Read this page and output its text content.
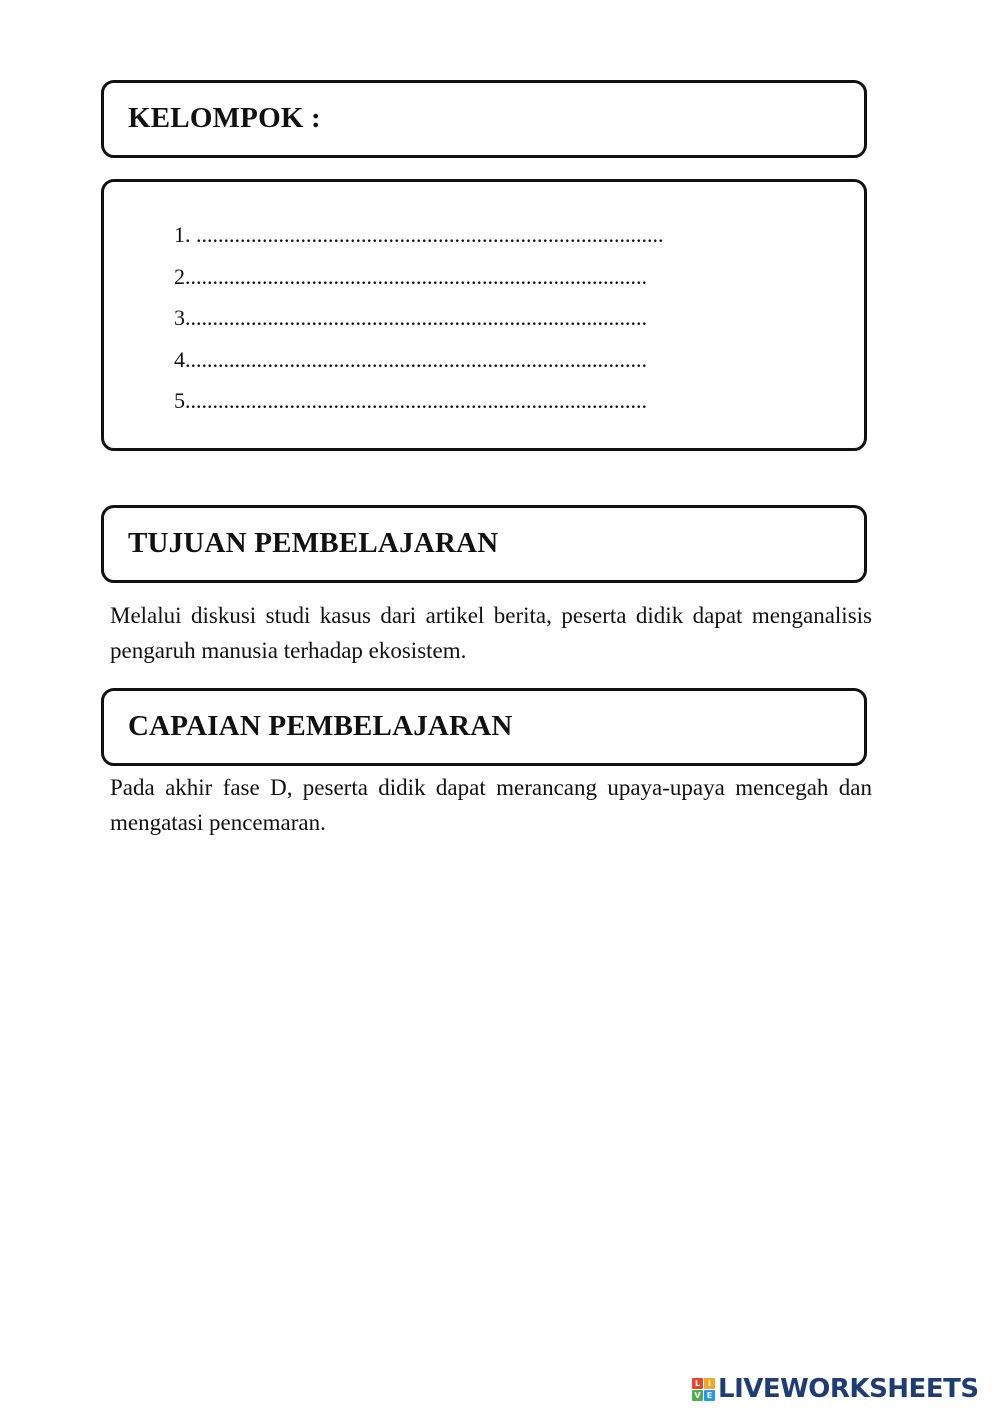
KELOMPOK :
1. .....................................................................................
2....................................................................................
3....................................................................................
4....................................................................................
5....................................................................................
TUJUAN PEMBELAJARAN

Melalui diskusi studi kasus dari artikel berita, peserta didik dapat menganalisis pengaruh manusia terhadap ekosistem.

CAPAIAN PEMBELAJARAN

Pada akhir fase D, peserta didik dapat merancang upaya-upaya mencegah dan mengatasi pencemaran.

L I
V E LIVEWORKSHEETS
